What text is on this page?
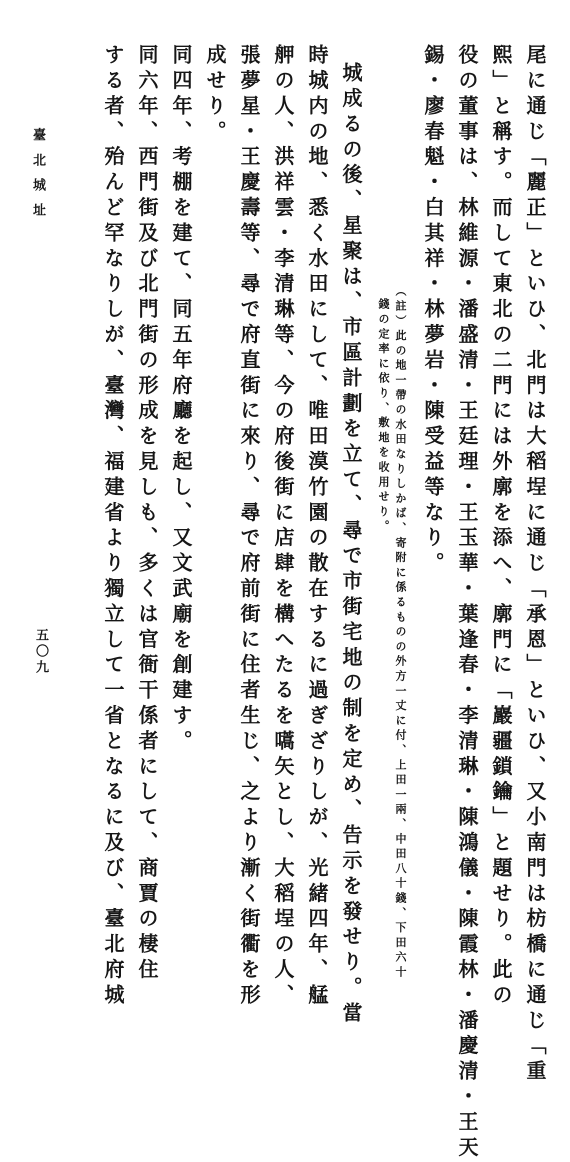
尾に通じ「麗正」といひ、北門は大稻埕に通じ「承恩」といひ、又小南門は枋橋に通じ「重
熙」と稱す。而して東北の二門には外廓を添へ、廓門に「巖疆鎖鑰」と題せり。此の
役の董事は、林維源・潘盛清・王廷理・王玉華・葉逢春・李清琳・陳鴻儀・陳霞林・潘慶清・王天
錫・廖春魁・白其祥・林夢岩・陳受益等なり。
（註）此の地一帶の水田なりしかば、寄附に係るものの外方一丈に付、上田一兩、中田八十錢、下田六十
錢の定率に依り、敷地を收用せり。
城成るの後、星聚は、市區計劃を立て、尋で市街宅地の制を定め、告示を發せり。當
時城内の地、悉く水田にして、唯田漠竹園の散在するに過ぎざりしが、光緒四年、艋
舺の人、洪祥雲・李清琳等、今の府後街に店肆を構へたるを嚆矢とし、大稻埕の人、
張夢星・王慶壽等、尋で府直街に來り、尋で府前街に住者生じ、之より漸く街衢を形
成せり。
同四年、考棚を建て、同五年府廳を起し、又文武廟を創建す。
同六年、西門街及び北門街の形成を見しも、多くは官衙干係者にして、商賈の棲住
する者、殆んど罕なりしが、臺灣、福建省より獨立して一省となるに及び、臺北府城
臺北城址
五〇九
